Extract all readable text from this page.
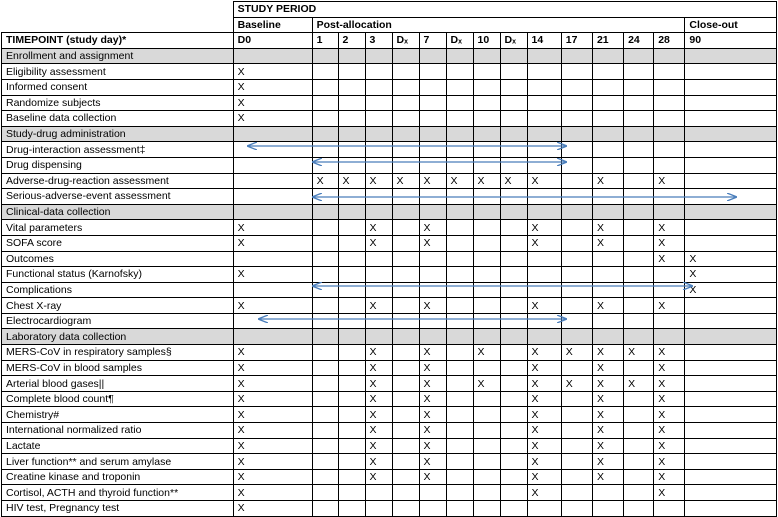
	STUDY PERIOD														
	Baseline	Post-allocation													Close-out
TIMEPOINT (study day)*	D0	1	2	3	Dₓ	7	Dₓ	10	Dₓ	14	17	21	24	28	90
Enrollment and assignment															
Eligibility assessment	X														
Informed consent	X														
Randomize subjects	X														
Baseline data collection	X														
Study-drug administration															
Drug-interaction assessment‡															
Drug dispensing															
Adverse-drug-reaction assessment		X	X	X	X	X	X	X	X	X		X		X	
Serious-adverse-event assessment															
Clinical-data collection															
Vital parameters	X			X		X				X		X		X	
SOFA score	X			X		X				X		X		X	
Outcomes														X	X
Functional status (Karnofsky)	X														X
Complications															X
Chest X-ray	X			X		X				X		X		X	
Electrocardiogram															
Laboratory data collection															
MERS-CoV in respiratory samples§	X			X		X		X		X	X	X	X	X	
MERS-CoV in blood samples	X			X		X				X		X		X	
Arterial blood gases||	X			X		X		X		X	X	X	X	X	
Complete blood count¶	X			X		X				X		X		X	
Chemistry#	X			X		X				X		X		X	
International normalized ratio	X			X		X				X		X		X	
Lactate	X			X		X				X		X		X	
Liver function** and serum amylase	X			X		X				X		X		X	
Creatine kinase and troponin	X			X		X				X		X		X	
Cortisol, ACTH and thyroid function**	X									X				X	
HIV test, Pregnancy test	X														
